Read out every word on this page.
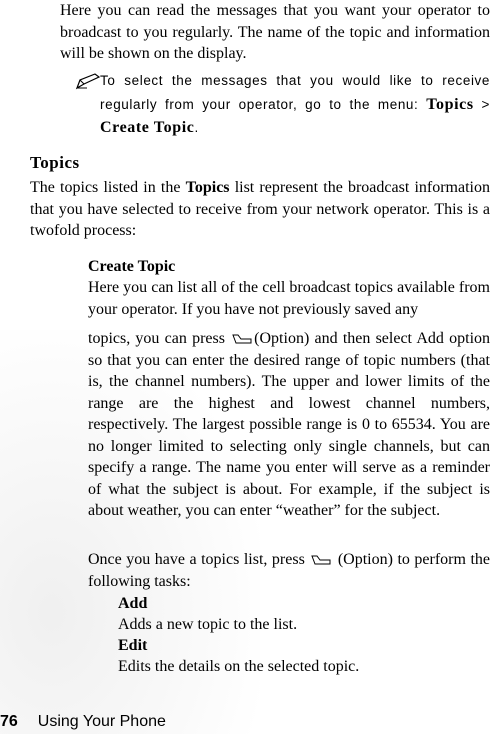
Here you can read the messages that you want your operator to broadcast to you regularly. The name of the topic and information will be shown on the display.
To select the messages that you would like to receive regularly from your operator, go to the menu: Topics > Create Topic.
Topics
The topics listed in the Topics list represent the broadcast information that you have selected to receive from your network operator. This is a twofold process:
Create Topic
Here you can list all of the cell broadcast topics available from your operator. If you have not previously saved any
topics, you can press (Option) and then select Add option so that you can enter the desired range of topic numbers (that is, the channel numbers). The upper and lower limits of the range are the highest and lowest channel numbers, respectively. The largest possible range is 0 to 65534. You are no longer limited to selecting only single channels, but can specify a range. The name you enter will serve as a reminder of what the subject is about. For example, if the subject is about weather, you can enter “weather” for the subject.
Once you have a topics list, press  (Option) to perform the following tasks:
Add
Adds a new topic to the list.
Edit
Edits the details on the selected topic.
76 Using Your Phone
